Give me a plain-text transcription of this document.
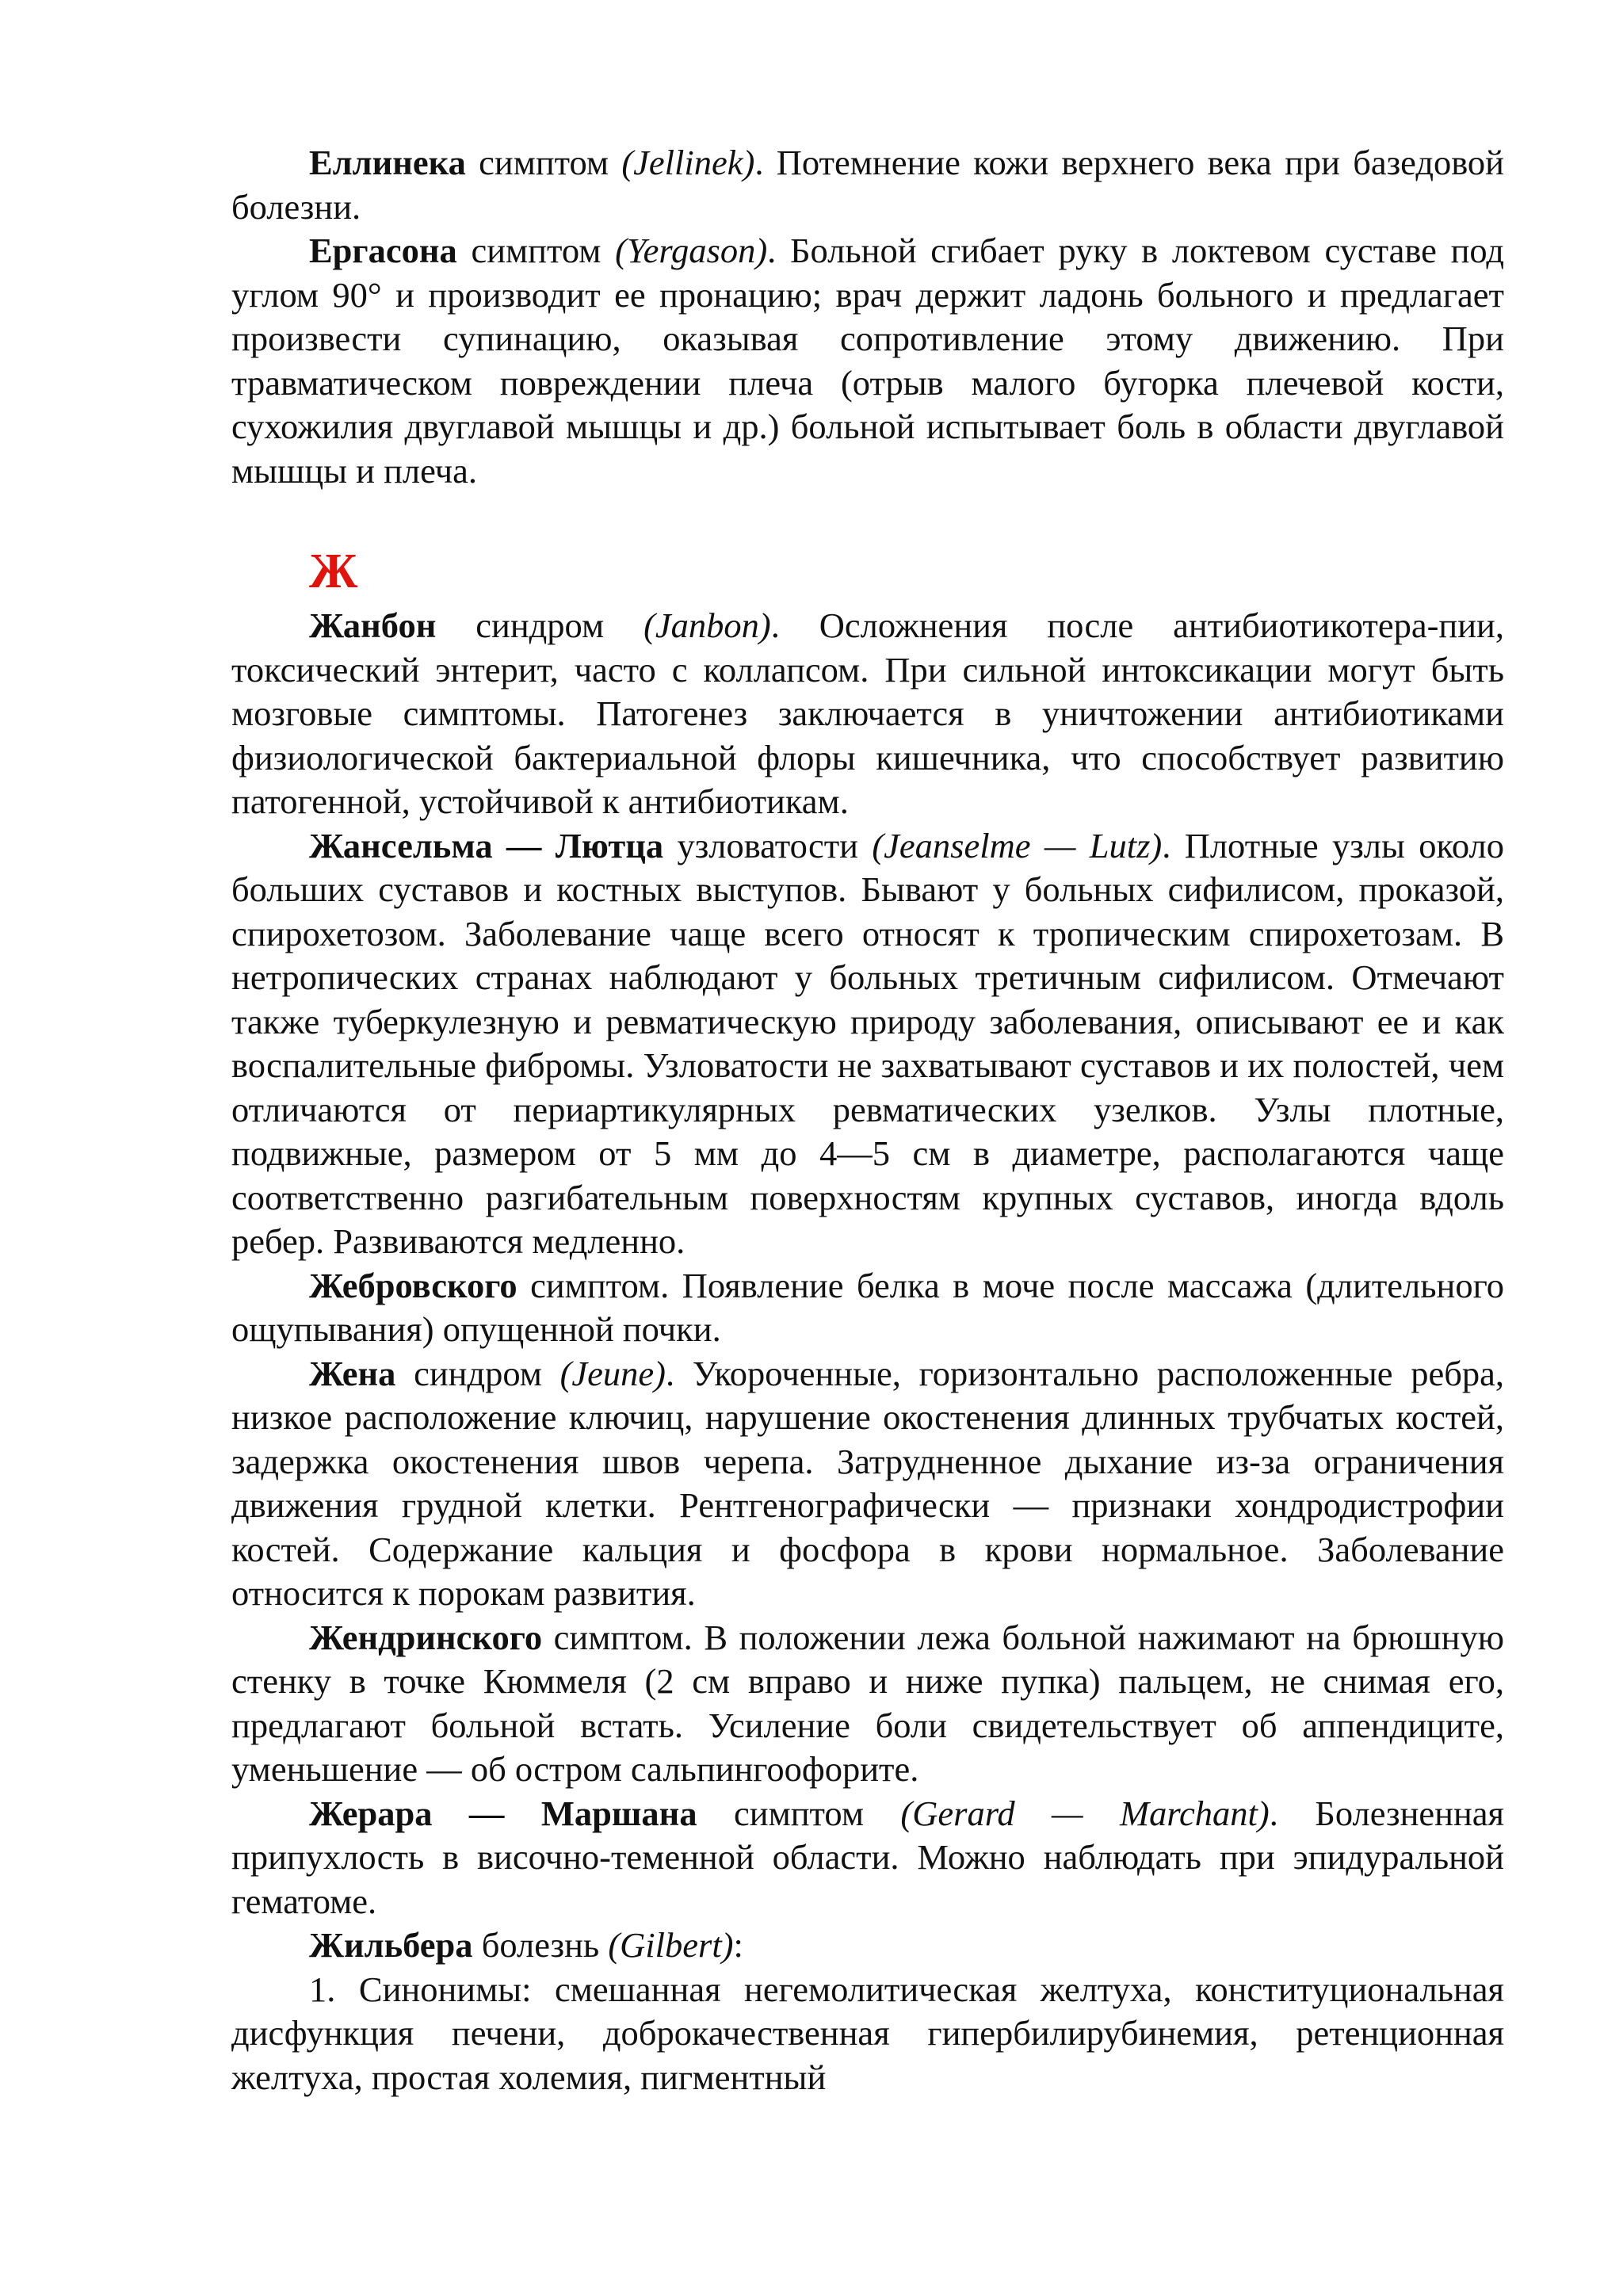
Еллинека симптом (Jellinek). Потемнение кожи верхнего века при базедовой болезни.

Ергасона симптом (Yergason). Больной сгибает руку в локтевом суставе под углом 90° и производит ее пронацию; врач держит ладонь больного и предлагает произвести супинацию, оказывая сопротивление этому движению. При травматическом повреждении плеча (отрыв малого бугорка плечевой кости, сухожилия двуглавой мышцы и др.) больной испытывает боль в области двуглавой мышцы и плеча.

Ж

Жанбон синдром (Janbon). Осложнения после антибиотикотера-пии, токсический энтерит, часто с коллапсом. При сильной интоксикации могут быть мозговые симптомы. Патогенез заключается в уничтожении антибиотиками физиологической бактериальной флоры кишечника, что способствует развитию патогенной, устойчивой к антибиотикам.

Жансельма — Лютца узловатости (Jeanselme — Lutz). Плотные узлы около больших суставов и костных выступов. Бывают у больных сифилисом, проказой, спирохетозом. Заболевание чаще всего относят к тропическим спирохетозам. В нетропических странах наблюдают у больных третичным сифилисом. Отмечают также туберкулезную и ревматическую природу заболевания, описывают ее и как воспалительные фибромы. Узловатости не захватывают суставов и их полостей, чем отличаются от периартикулярных ревматических узелков. Узлы плотные, подвижные, размером от 5 мм до 4—5 см в диаметре, располагаются чаще соответственно разгибательным поверхностям крупных суставов, иногда вдоль ребер. Развиваются медленно.

Жебровского симптом. Появление белка в моче после массажа (длительного ощупывания) опущенной почки.

Жена синдром (Jeune). Укороченные, горизонтально расположенные ребра, низкое расположение ключиц, нарушение окостенения длинных трубчатых костей, задержка окостенения швов черепа. Затрудненное дыхание из-за ограничения движения грудной клетки. Рентгенографически — признаки хондродистрофии костей. Содержание кальция и фосфора в крови нормальное. Заболевание относится к порокам развития.

Жендринского симптом. В положении лежа больной нажимают на брюшную стенку в точке Кюммеля (2 см вправо и ниже пупка) пальцем, не снимая его, предлагают больной встать. Усиление боли свидетельствует об аппендиците, уменьшение — об остром сальпингоофорите.

Жерара — Маршана симптом (Gerard — Marchant). Болезненная припухлость в височно-теменной области. Можно наблюдать при эпидуральной гематоме.

Жильбера болезнь (Gilbert):

1. Синонимы: смешанная негемолитическая желтуха, конституциональная дисфункция печени, доброкачественная гипербилирубинемия, ретенционная желтуха, простая холемия, пигментный
